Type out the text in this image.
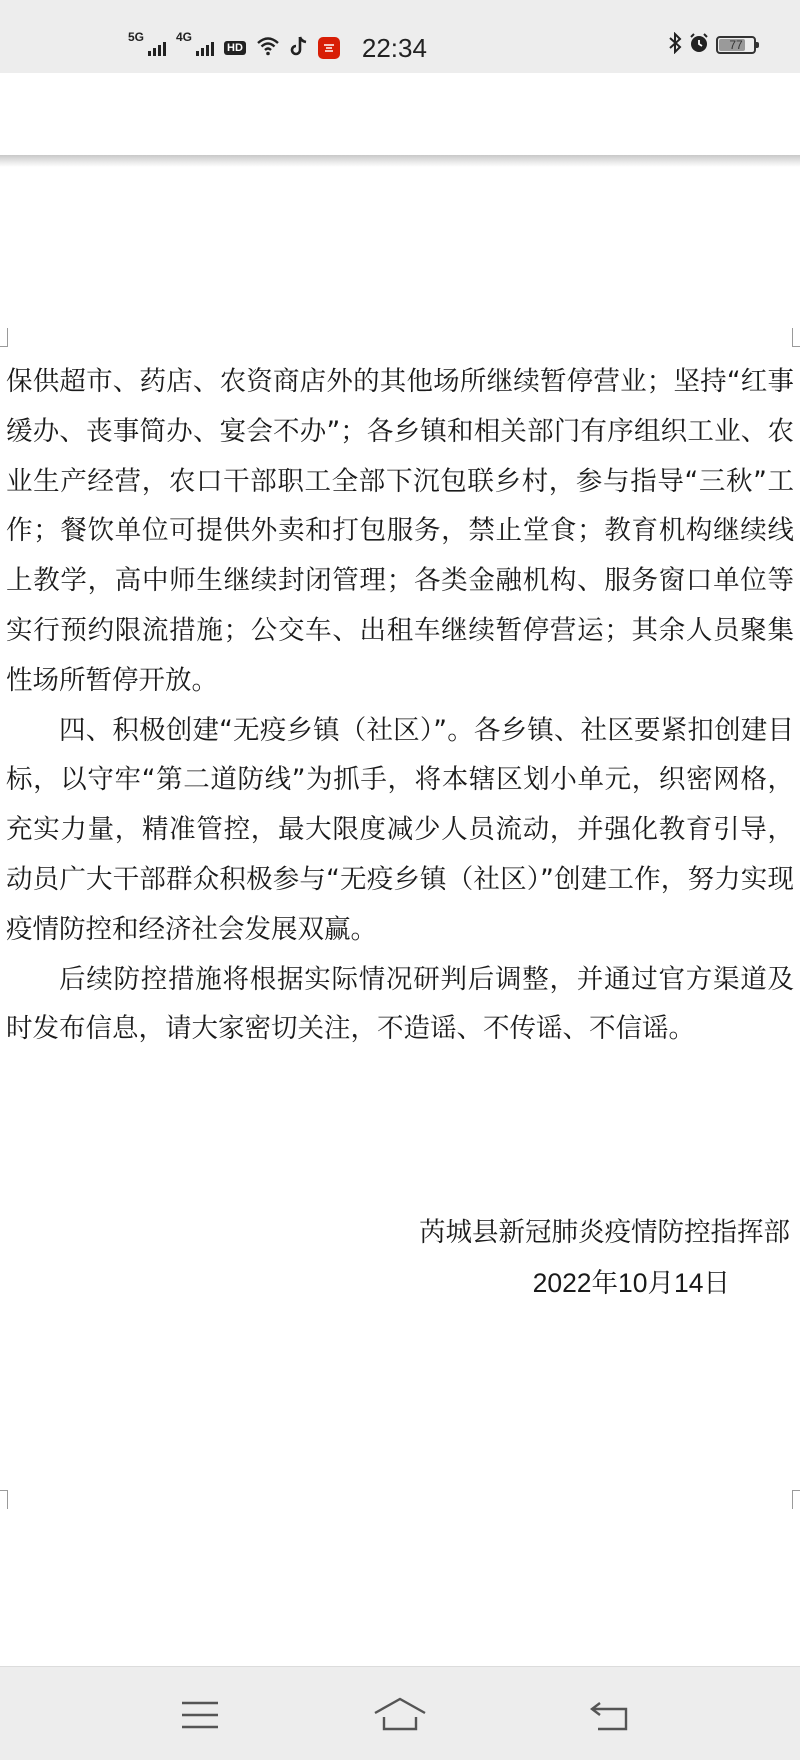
5G	4G
HD	22:34	77

保供超市、药店、农资商店外的其他场所继续暂停营业；坚持“红事缓办、丧事简办、宴会不办”；各乡镇和相关部门有序组织工业、农业生产经营，农口干部职工全部下沉包联乡村，参与指导“三秋”工作；餐饮单位可提供外卖和打包服务，禁止堂食；教育机构继续线上教学，高中师生继续封闭管理；各类金融机构、服务窗口单位等实行预约限流措施；公交车、出租车继续暂停营运；其余人员聚集性场所暂停开放。

四、积极创建“无疫乡镇（社区）”。各乡镇、社区要紧扣创建目标，以守牢“第二道防线”为抓手，将本辖区划小单元，织密网格，充实力量，精准管控，最大限度减少人员流动，并强化教育引导，动员广大干部群众积极参与“无疫乡镇（社区）”创建工作，努力实现疫情防控和经济社会发展双赢。

后续防控措施将根据实际情况研判后调整，并通过官方渠道及时发布信息，请大家密切关注，不造谣、不传谣、不信谣。

芮城县新冠肺炎疫情防控指挥部
2022年10月14日
